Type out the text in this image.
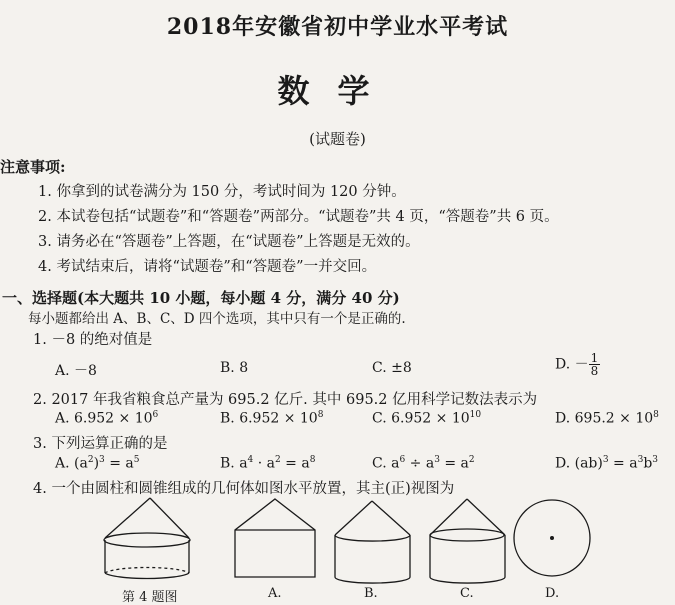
2018年安徽省初中学业水平考试
数学
(试题卷)
注意事项:
1. 你拿到的试卷满分为 150 分，考试时间为 120 分钟。
2. 本试卷包括“试题卷”和“答题卷”两部分。“试题卷”共 4 页，“答题卷”共 6 页。
3. 请务必在“答题卷”上答题，在“试题卷”上答题是无效的。
4. 考试结束后，请将“试题卷”和“答题卷”一并交回。
一、选择题(本大题共 10 小题，每小题 4 分，满分 40 分)
每小题都给出 A、B、C、D 四个选项，其中只有一个是正确的.
1. －8 的绝对值是
A. －8	B. 8	C. ±8	D. － $\frac{1}{8}$
2. 2017 年我省粮食总产量为 695.2 亿斤. 其中 695.2 亿用科学记数法表示为
A. $6.952 \times 10^6$	B. $6.952 \times 10^8$	C. $6.952 \times 10^{10}$	D. $695.2 \times 10^8$
3. 下列运算正确的是
A. $(a^2)^3 = a^5$	B. $a^4 \cdot a^2 = a^8$	C. $a^6 \div a^3 = a^2$	D. $(ab)^3 = a^3b^3$
4. 一个由圆柱和圆锥组成的几何体如图水平放置，其主(正)视图为
第 4 题图	A.	B.	C.	D.
